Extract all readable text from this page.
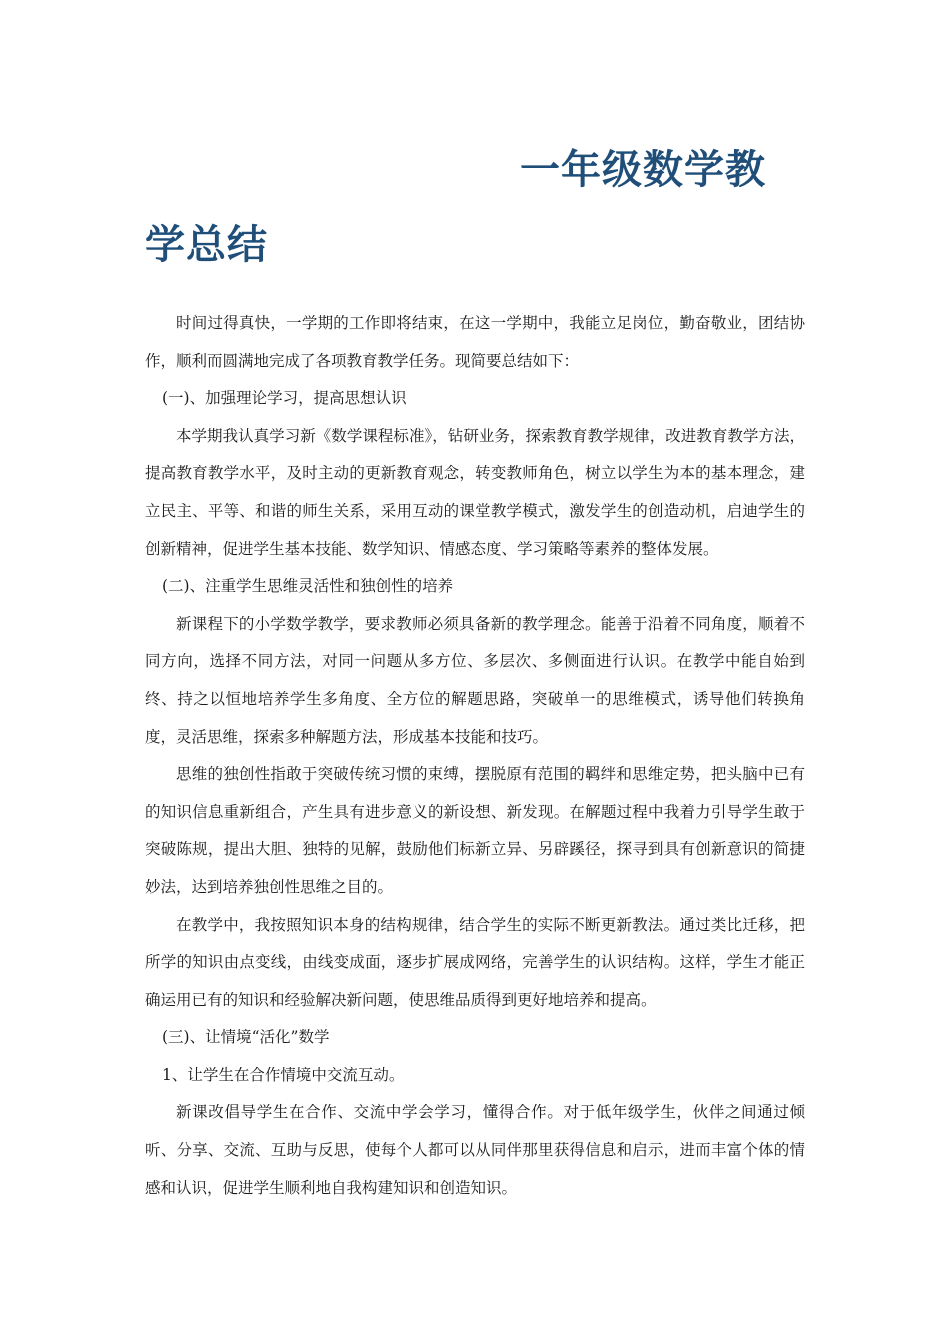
一年级数学教
学总结

时间过得真快，一学期的工作即将结束，在这一学期中，我能立足岗位，勤奋敬业，团结协作，顺利而圆满地完成了各项教育教学任务。现简要总结如下：

(一)、加强理论学习，提高思想认识

本学期我认真学习新《数学课程标准》，钻研业务，探索教育教学规律，改进教育教学方法，提高教育教学水平，及时主动的更新教育观念，转变教师角色，树立以学生为本的基本理念，建立民主、平等、和谐的师生关系，采用互动的课堂教学模式，激发学生的创造动机，启迪学生的创新精神，促进学生基本技能、数学知识、情感态度、学习策略等素养的整体发展。

(二)、注重学生思维灵活性和独创性的培养

新课程下的小学数学教学，要求教师必须具备新的教学理念。能善于沿着不同角度，顺着不同方向，选择不同方法，对同一问题从多方位、多层次、多侧面进行认识。在教学中能自始到终、持之以恒地培养学生多角度、全方位的解题思路，突破单一的思维模式，诱导他们转换角度，灵活思维，探索多种解题方法，形成基本技能和技巧。

思维的独创性指敢于突破传统习惯的束缚，摆脱原有范围的羁绊和思维定势，把头脑中已有的知识信息重新组合，产生具有进步意义的新设想、新发现。在解题过程中我着力引导学生敢于突破陈规，提出大胆、独特的见解，鼓励他们标新立异、另辟蹊径，探寻到具有创新意识的简捷妙法，达到培养独创性思维之目的。

在教学中，我按照知识本身的结构规律，结合学生的实际不断更新教法。通过类比迁移，把所学的知识由点变线，由线变成面，逐步扩展成网络，完善学生的认识结构。这样，学生才能正确运用已有的知识和经验解决新问题，使思维品质得到更好地培养和提高。

(三)、让情境“活化”数学

1、让学生在合作情境中交流互动。

新课改倡导学生在合作、交流中学会学习，懂得合作。对于低年级学生，伙伴之间通过倾听、分享、交流、互助与反思，使每个人都可以从同伴那里获得信息和启示，进而丰富个体的情感和认识，促进学生顺利地自我构建知识和创造知识。
